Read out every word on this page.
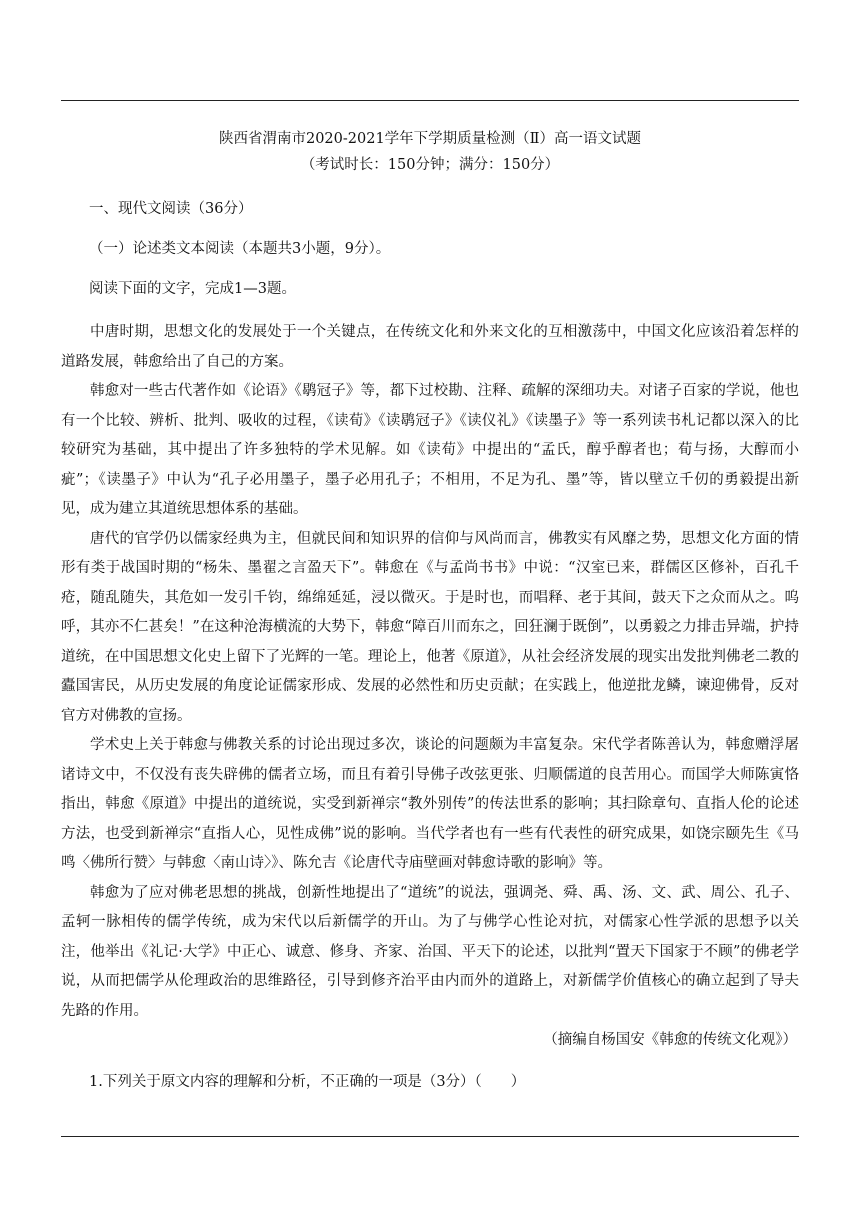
陕西省渭南市2020-2021学年下学期质量检测（Ⅱ）高一语文试题

（考试时长：150分钟；满分：150分）

一、现代文阅读（36分）

（一）论述类文本阅读（本题共3小题，9分）。

阅读下面的文字，完成1—3题。

中唐时期，思想文化的发展处于一个关键点，在传统文化和外来文化的互相激荡中，中国文化应该沿着怎样的道路发展，韩愈给出了自己的方案。

韩愈对一些古代著作如《论语》《鹖冠子》等，都下过校勘、注释、疏解的深细功夫。对诸子百家的学说，他也有一个比较、辨析、批判、吸收的过程，《读荀》《读鹖冠子》《读仪礼》《读墨子》等一系列读书札记都以深入的比较研究为基础，其中提出了许多独特的学术见解。如《读荀》中提出的“孟氏，醇乎醇者也；荀与扬，大醇而小疵”；《读墨子》中认为“孔子必用墨子，墨子必用孔子；不相用，不足为孔、墨”等，皆以壁立千仞的勇毅提出新见，成为建立其道统思想体系的基础。

唐代的官学仍以儒家经典为主，但就民间和知识界的信仰与风尚而言，佛教实有风靡之势，思想文化方面的情形有类于战国时期的“杨朱、墨翟之言盈天下”。韩愈在《与孟尚书书》中说：“汉室已来，群儒区区修补，百孔千疮，随乱随失，其危如一发引千钧，绵绵延延，浸以微灭。于是时也，而唱释、老于其间，鼓天下之众而从之。呜呼，其亦不仁甚矣！”在这种沧海横流的大势下，韩愈“障百川而东之，回狂澜于既倒”，以勇毅之力排击异端，护持道统，在中国思想文化史上留下了光辉的一笔。理论上，他著《原道》，从社会经济发展的现实出发批判佛老二教的蠹国害民，从历史发展的角度论证儒家形成、发展的必然性和历史贡献；在实践上，他逆批龙鳞，谏迎佛骨，反对官方对佛教的宣扬。

学术史上关于韩愈与佛教关系的讨论出现过多次，谈论的问题颇为丰富复杂。宋代学者陈善认为，韩愈赠浮屠诸诗文中，不仅没有丧失辟佛的儒者立场，而且有着引导佛子改弦更张、归顺儒道的良苦用心。而国学大师陈寅恪指出，韩愈《原道》中提出的道统说，实受到新禅宗“教外别传”的传法世系的影响；其扫除章句、直指人伦的论述方法，也受到新禅宗“直指人心，见性成佛”说的影响。当代学者也有一些有代表性的研究成果，如饶宗颐先生《马鸣〈佛所行赞〉与韩愈〈南山诗〉》、陈允吉《论唐代寺庙壁画对韩愈诗歌的影响》等。

韩愈为了应对佛老思想的挑战，创新性地提出了“道统”的说法，强调尧、舜、禹、汤、文、武、周公、孔子、孟轲一脉相传的儒学传统，成为宋代以后新儒学的开山。为了与佛学心性论对抗，对儒家心性学派的思想予以关注，他举出《礼记·大学》中正心、诚意、修身、齐家、治国、平天下的论述，以批判“置天下国家于不顾”的佛老学说，从而把儒学从伦理政治的思维路径，引导到修齐治平由内而外的道路上，对新儒学价值核心的确立起到了导夫先路的作用。

（摘编自杨国安《韩愈的传统文化观》）

1.下列关于原文内容的理解和分析，不正确的一项是（3分）（　　）
